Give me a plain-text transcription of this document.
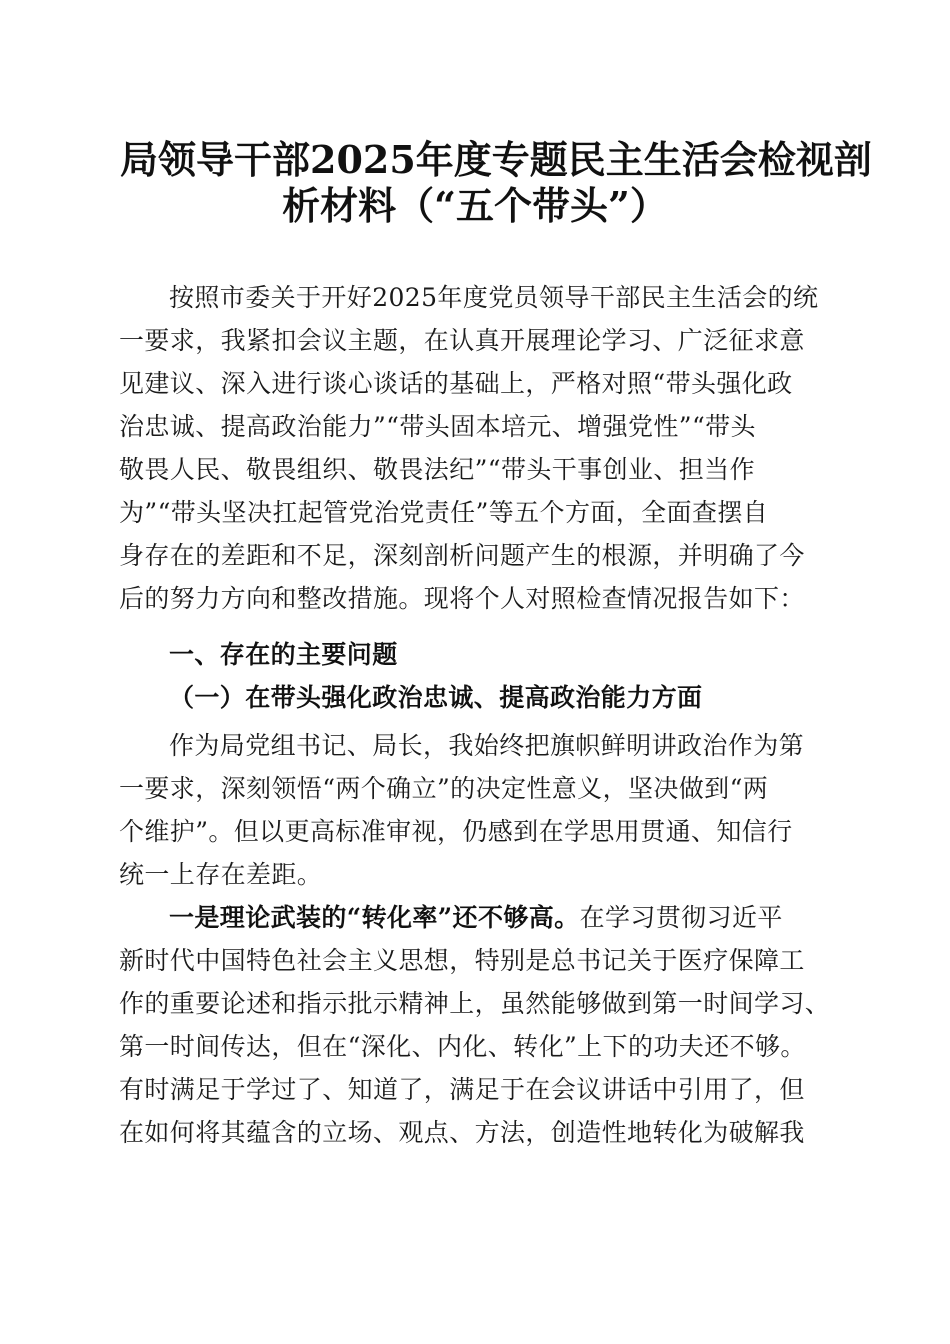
局领导干部2025年度专题民主生活会检视剖
析材料（“五个带头”）
按照市委关于开好2025年度党员领导干部民主生活会的统
一要求，我紧扣会议主题，在认真开展理论学习、广泛征求意
见建议、深入进行谈心谈话的基础上，严格对照“带头强化政
治忠诚、提高政治能力”“带头固本培元、增强党性”“带头
敬畏人民、敬畏组织、敬畏法纪”“带头干事创业、担当作
为”“带头坚决扛起管党治党责任”等五个方面，全面查摆自
身存在的差距和不足，深刻剖析问题产生的根源，并明确了今
后的努力方向和整改措施。现将个人对照检查情况报告如下：
一、存在的主要问题
（一）在带头强化政治忠诚、提高政治能力方面
作为局党组书记、局长，我始终把旗帜鲜明讲政治作为第
一要求，深刻领悟“两个确立”的决定性意义，坚决做到“两
个维护”。但以更高标准审视，仍感到在学思用贯通、知信行
统一上存在差距。
一是理论武装的“转化率”还不够高。在学习贯彻习近平
新时代中国特色社会主义思想，特别是总书记关于医疗保障工
作的重要论述和指示批示精神上，虽然能够做到第一时间学习、
第一时间传达，但在“深化、内化、转化”上下的功夫还不够。
有时满足于学过了、知道了，满足于在会议讲话中引用了，但
在如何将其蕴含的立场、观点、方法，创造性地转化为破解我
